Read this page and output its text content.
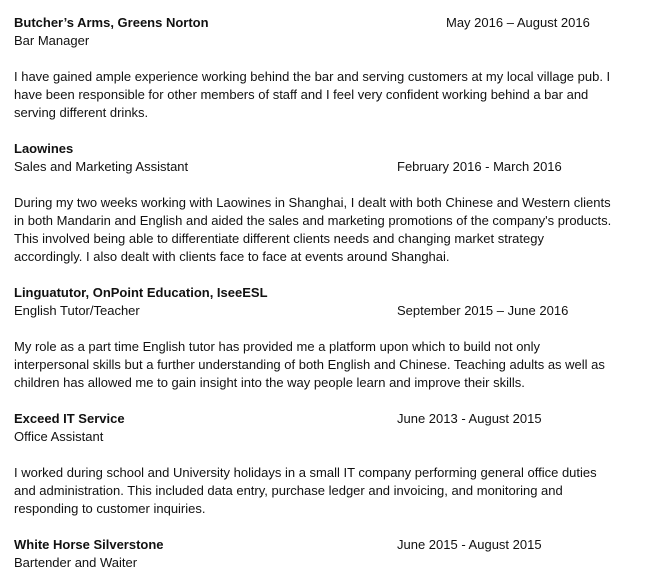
Butcher’s Arms, Greens Norton	May 2016 – August 2016
Bar Manager

I have gained ample experience working behind the bar and serving customers at my local village pub. I have been responsible for other members of staff and I feel very confident working behind a bar and serving different drinks.

Laowines
Sales and Marketing Assistant	February 2016 - March 2016

During my two weeks working with Laowines in Shanghai, I dealt with both Chinese and Western clients in both Mandarin and English and aided the sales and marketing promotions of the company's products. This involved being able to differentiate different clients needs and changing market strategy accordingly. I also dealt with clients face to face at events around Shanghai.

Linguatutor, OnPoint Education, IseeESL
English Tutor/Teacher	September 2015 – June 2016

My role as a part time English tutor has provided me a platform upon which to build not only interpersonal skills but a further understanding of both English and Chinese. Teaching adults as well as children has allowed me to gain insight into the way people learn and improve their skills.

Exceed IT Service	June 2013 - August 2015
Office Assistant

I worked during school and University holidays in a small IT company performing general office duties and administration. This included data entry, purchase ledger and invoicing, and monitoring and responding to customer inquiries.

White Horse Silverstone	June 2015 - August 2015
Bartender and Waiter
